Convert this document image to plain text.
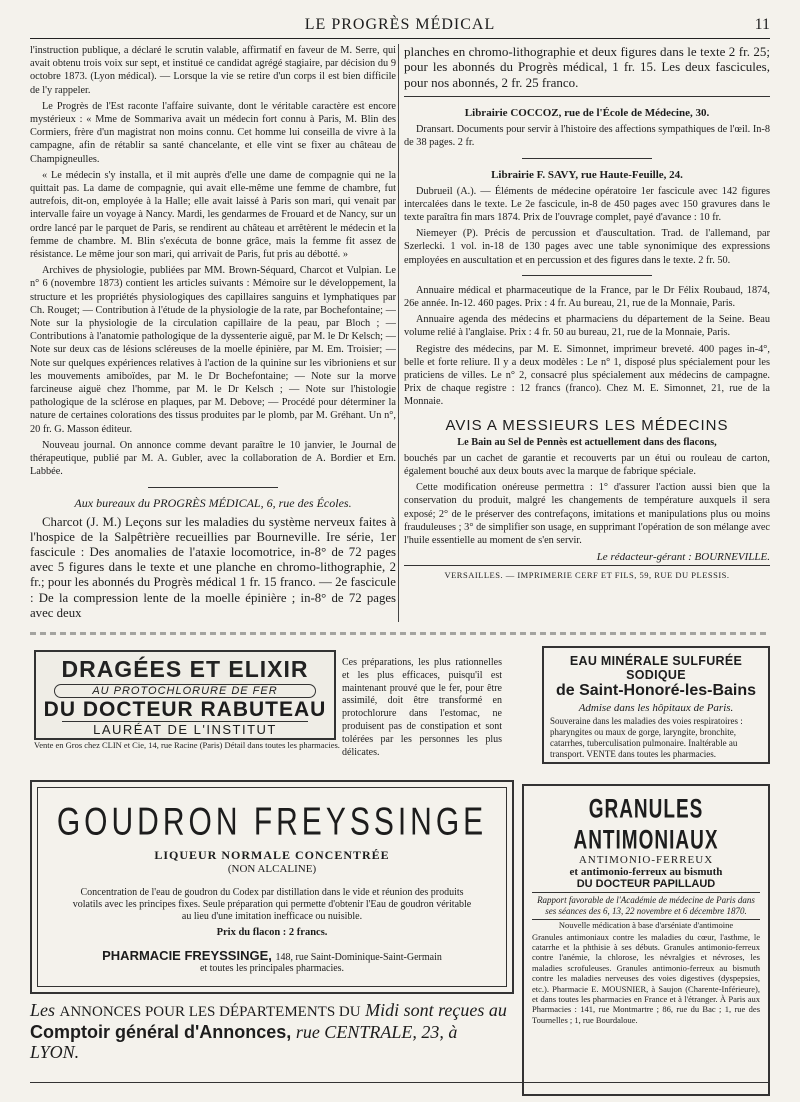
LE PROGRÈS MÉDICAL	11

l'instruction publique, a déclaré le scrutin valable, affirmatif en faveur de M. Serre, qui avait obtenu trois voix sur sept, et institué ce candidat agrégé stagiaire, par décision du 9 octobre 1873. (Lyon médical). — Lorsque la vie se retire d'un corps il est bien difficile de l'y rappeler.

Le Progrès de l'Est raconte l'affaire suivante, dont le véritable caractère est encore mystérieux : « Mme de Sommariva avait un médecin fort connu à Paris, M. Blin des Cormiers, frère d'un magistrat non moins connu. Cet homme lui conseilla de vivre à la campagne, afin de rétablir sa santé chancelante, et elle vint se fixer au château de Champigneulles.

« Le médecin s'y installa, et il mit auprès d'elle une dame de compagnie qui ne la quittait pas. La dame de compagnie, qui avait elle-même une femme de chambre, fut autrefois, dit-on, employée à la Halle; elle avait laissé à Paris son mari, qui venait par intervalle faire un voyage à Nancy. Mardi, les gendarmes de Frouard et de Nancy, sur un ordre lancé par le parquet de Paris, se rendirent au château et arrêtèrent le médecin et la femme de chambre. M. Blin s'exécuta de bonne grâce, mais la femme fit assez de résistance. Le même jour son mari, qui arrivait de Paris, fut pris au débotté. »

Archives de physiologie, publiées par MM. Brown-Séquard, Charcot et Vulpian. Le n° 6 (novembre 1873) contient les articles suivants : Mémoire sur le développement, la structure et les propriétés physiologiques des capillaires sanguins et lymphatiques par Ch. Rouget; — Contribution à l'étude de la physiologie de la rate, par Bochefontaine; — Note sur la physiologie de la circulation capillaire de la peau, par Bloch ; — Contributions à l'anatomie pathologique de la dyssenterie aiguë, par M. le Dr Kelsch; — Note sur deux cas de lésions scléreuses de la moelle épinière, par M. Em. Troisier; — Note sur quelques expériences relatives à l'action de la quinine sur les vibrioniens et sur les mouvements amiboïdes, par M. le Dr Bochefontaine; — Note sur la morve farcineuse aiguë chez l'homme, par M. le Dr Kelsch ; — Note sur l'histologie pathologique de la sclérose en plaques, par M. Debove; — Procédé pour déterminer la nature de certaines colorations des tissus produites par le plomb, par M. Gréhant. Un n°, 20 fr. G. Masson éditeur.

Nouveau journal. On annonce comme devant paraître le 10 janvier, le Journal de thérapeutique, publié par M. A. Gubler, avec la collaboration de A. Bordier et Ern. Labbée.

Aux bureaux du PROGRÈS MÉDICAL, 6, rue des Écoles.

Charcot (J. M.) Leçons sur les maladies du système nerveux faites à l'hospice de la Salpêtrière recueillies par Bourneville. Ire série, 1er fascicule : Des anomalies de l'ataxie locomotrice, in-8° de 72 pages avec 5 figures dans le texte et une planche en chromo-lithographie, 2 fr.; pour les abonnés du Progrès médical 1 fr. 15 franco. — 2e fascicule : De la compression lente de la moelle épinière ; in-8° de 72 pages avec deux

planches en chromo-lithographie et deux figures dans le texte 2 fr. 25; pour les abonnés du Progrès médical, 1 fr. 15. Les deux fascicules, pour nos abonnés, 2 fr. 25 franco.

Librairie COCCOZ, rue de l'École de Médecine, 30.

Dransart. Documents pour servir à l'histoire des affections sympathiques de l'œil. In-8 de 38 pages. 2 fr.

Librairie F. SAVY, rue Haute-Feuille, 24.

Dubrueil (A.). — Éléments de médecine opératoire 1er fascicule avec 142 figures intercalées dans le texte. Le 2e fascicule, in-8 de 450 pages avec 150 gravures dans le texte paraîtra fin mars 1874. Prix de l'ouvrage complet, payé d'avance : 10 fr.

Niemeyer (P). Précis de percussion et d'auscultation. Trad. de l'allemand, par Szerlecki. 1 vol. in-18 de 130 pages avec une table synonimique des expressions employées en auscultation et en percussion et des figures dans le texte. 2 fr. 50.

Annuaire médical et pharmaceutique de la France, par le Dr Félix Roubaud, 1874, 26e année. In-12. 460 pages. Prix : 4 fr. Au bureau, 21, rue de la Monnaie, Paris.

Annuaire agenda des médecins et pharmaciens du département de la Seine. Beau volume relié à l'anglaise. Prix : 4 fr. 50 au bureau, 21, rue de la Monnaie, Paris.

Registre des médecins, par M. E. Simonnet, imprimeur breveté. 400 pages in-4°, belle et forte reliure. Il y a deux modèles : Le n° 1, disposé plus spécialement pour les praticiens de villes. Le n° 2, consacré plus spécialement aux médecins de campagne. Prix de chaque registre : 12 francs (franco). Chez M. E. Simonnet, 21, rue de la Monnaie.

AVIS A MESSIEURS LES MÉDECINS

Le Bain au Sel de Pennès est actuellement dans des flacons,

bouchés par un cachet de garantie et recouverts par un étui ou rouleau de carton, également bouché aux deux bouts avec la marque de fabrique spéciale.

Cette modification onéreuse permettra : 1° d'assurer l'action aussi bien que la conservation du produit, malgré les changements de température auxquels il sera exposé; 2° de le préserver des contrefaçons, imitations et manipulations plus ou moins frauduleuses ; 3° de simplifier son usage, en supprimant l'opération de son mélange avec l'huile essentielle au moment de s'en servir.

Le rédacteur-gérant : BOURNEVILLE.
VERSAILLES. — IMPRIMERIE CERF ET FILS, 59, RUE DU PLESSIS.
DRAGÉES ET ELIXIR
AU PROTOCHLORURE DE FER
DU DOCTEUR RABUTEAU
LAURÉAT DE L'INSTITUT
Vente en Gros chez CLIN et Cie, 14, rue Racine (Paris) Détail dans toutes les pharmacies.
Ces préparations, les plus rationnelles et les plus efficaces, puisqu'il est maintenant prouvé que le fer, pour être assimilé, doit être transformé en protochlorure dans l'estomac, ne produisent pas de constipation et sont tolérées par les personnes les plus délicates.
EAU MINÉRALE SULFURÉE SODIQUE
de Saint-Honoré-les-Bains
Admise dans les hôpitaux de Paris.
Souveraine dans les maladies des voies respiratoires : pharyngites ou maux de gorge, laryngite, bronchite, catarrhes, tuberculisation pulmonaire. Inaltérable au transport. VENTE dans toutes les pharmacies.
GOUDRON FREYSSINGE
LIQUEUR NORMALE CONCENTRÉE
(NON ALCALINE)
Concentration de l'eau de goudron du Codex par distillation dans le vide et réunion des produits volatils avec les principes fixes. Seule préparation qui permette d'obtenir l'Eau de goudron véritable au lieu d'une imitation inefficace ou nuisible.
Prix du flacon : 2 francs.
PHARMACIE FREYSSINGE, 148, rue Saint-Dominique-Saint-Germain
et toutes les principales pharmacies.
GRANULES ANTIMONIAUX
ANTIMONIO-FERREUX
et antimonio-ferreux au bismuth
DU DOCTEUR PAPILLAUD
Rapport favorable de l'Académie de médecine de Paris dans ses séances des 6, 13, 22 novembre et 6 décembre 1870.
Nouvelle médication à base d'arséniate d'antimoine
Granules antimoniaux contre les maladies du cœur, l'asthme, le catarrhe et la phthisie à ses débuts. Granules antimonio-ferreux contre l'anémie, la chlorose, les névralgies et névroses, les maladies scrofuleuses. Granules antimonio-ferreux au bismuth contre les maladies nerveuses des voies digestives (dyspepsies, etc.). Pharmacie E. MOUSNIER, à Saujon (Charente-Inférieure), et dans toutes les pharmacies en France et à l'étranger. À Paris aux Pharmacies : 141, rue Montmartre ; 86, rue du Bac ; 1, rue des Tournelles ; 1, rue Bourdaloue.
Les ANNONCES POUR LES DÉPARTEMENTS DU Midi sont reçues au Comptoir général d'Annonces, rue CENTRALE, 23, à LYON.
